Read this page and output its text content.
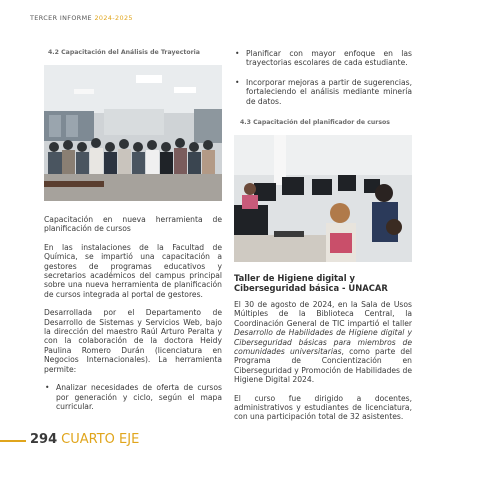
TERCER INFORME 2024-2025
4.2 Capacitación del Análisis de Trayectoria

Capacitación en nueva herramienta de planificación de cursos

En las instalaciones de la Facultad de Química, se impartió una capacitación a gestores de programas educativos y secretarios académicos del campus principal sobre una nueva herramienta de planificación de cursos integrada al portal de gestores.

Desarrollada por el Departamento de Desarrollo de Sistemas y Servicios Web, bajo la dirección del maestro Raúl Arturo Peralta y con la colaboración de la doctora Heidy Paulina Romero Durán (licenciatura en Negocios Internacionales). La herramienta permite:

• Analizar necesidades de oferta de cursos por generación y ciclo, según el mapa curricular.
• Planificar con mayor enfoque en las trayectorias escolares de cada estudiante.
• Incorporar mejoras a partir de sugerencias, fortaleciendo el análisis mediante minería de datos.
4.3 Capacitación del planificador de cursos
Taller de Higiene digital y Ciberseguridad básica - UNACAR

El 30 de agosto de 2024, en la Sala de Usos Múltiples de la Biblioteca Central, la Coordinación General de TIC impartió el taller Desarrollo de Habilidades de Higiene digital y Ciberseguridad básicas para miembros de comunidades universitarias, como parte del Programa de Concientización en Ciberseguridad y Promoción de Habilidades de Higiene Digital 2024.

El curso fue dirigido a docentes, administrativos y estudiantes de licenciatura, con una participación total de 32 asistentes.

294 CUARTO EJE
